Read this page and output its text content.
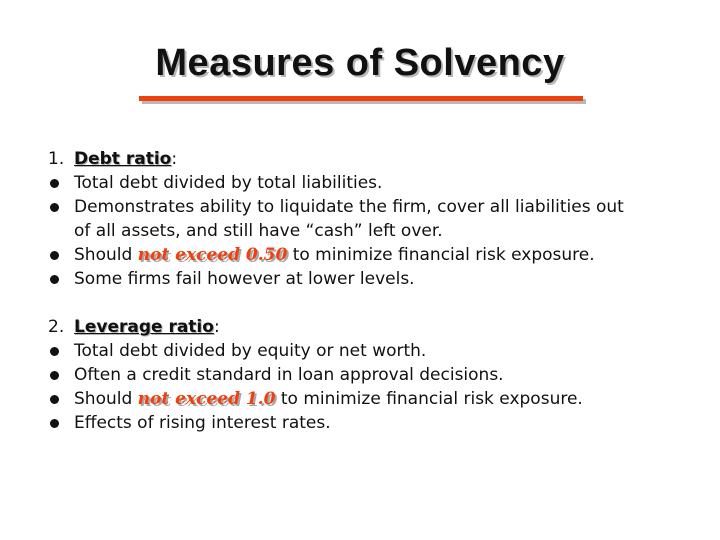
Measures of Solvency
1. Debt ratio:
Total debt divided by total liabilities.
Demonstrates ability to liquidate the firm, cover all liabilities out
of all assets, and still have “cash” left over.
Should not exceed 0.50 to minimize financial risk exposure.
Some firms fail however at lower levels.
2. Leverage ratio:
Total debt divided by equity or net worth.
Often a credit standard in loan approval decisions.
Should not exceed 1.0 to minimize financial risk exposure.
Effects of rising interest rates.
